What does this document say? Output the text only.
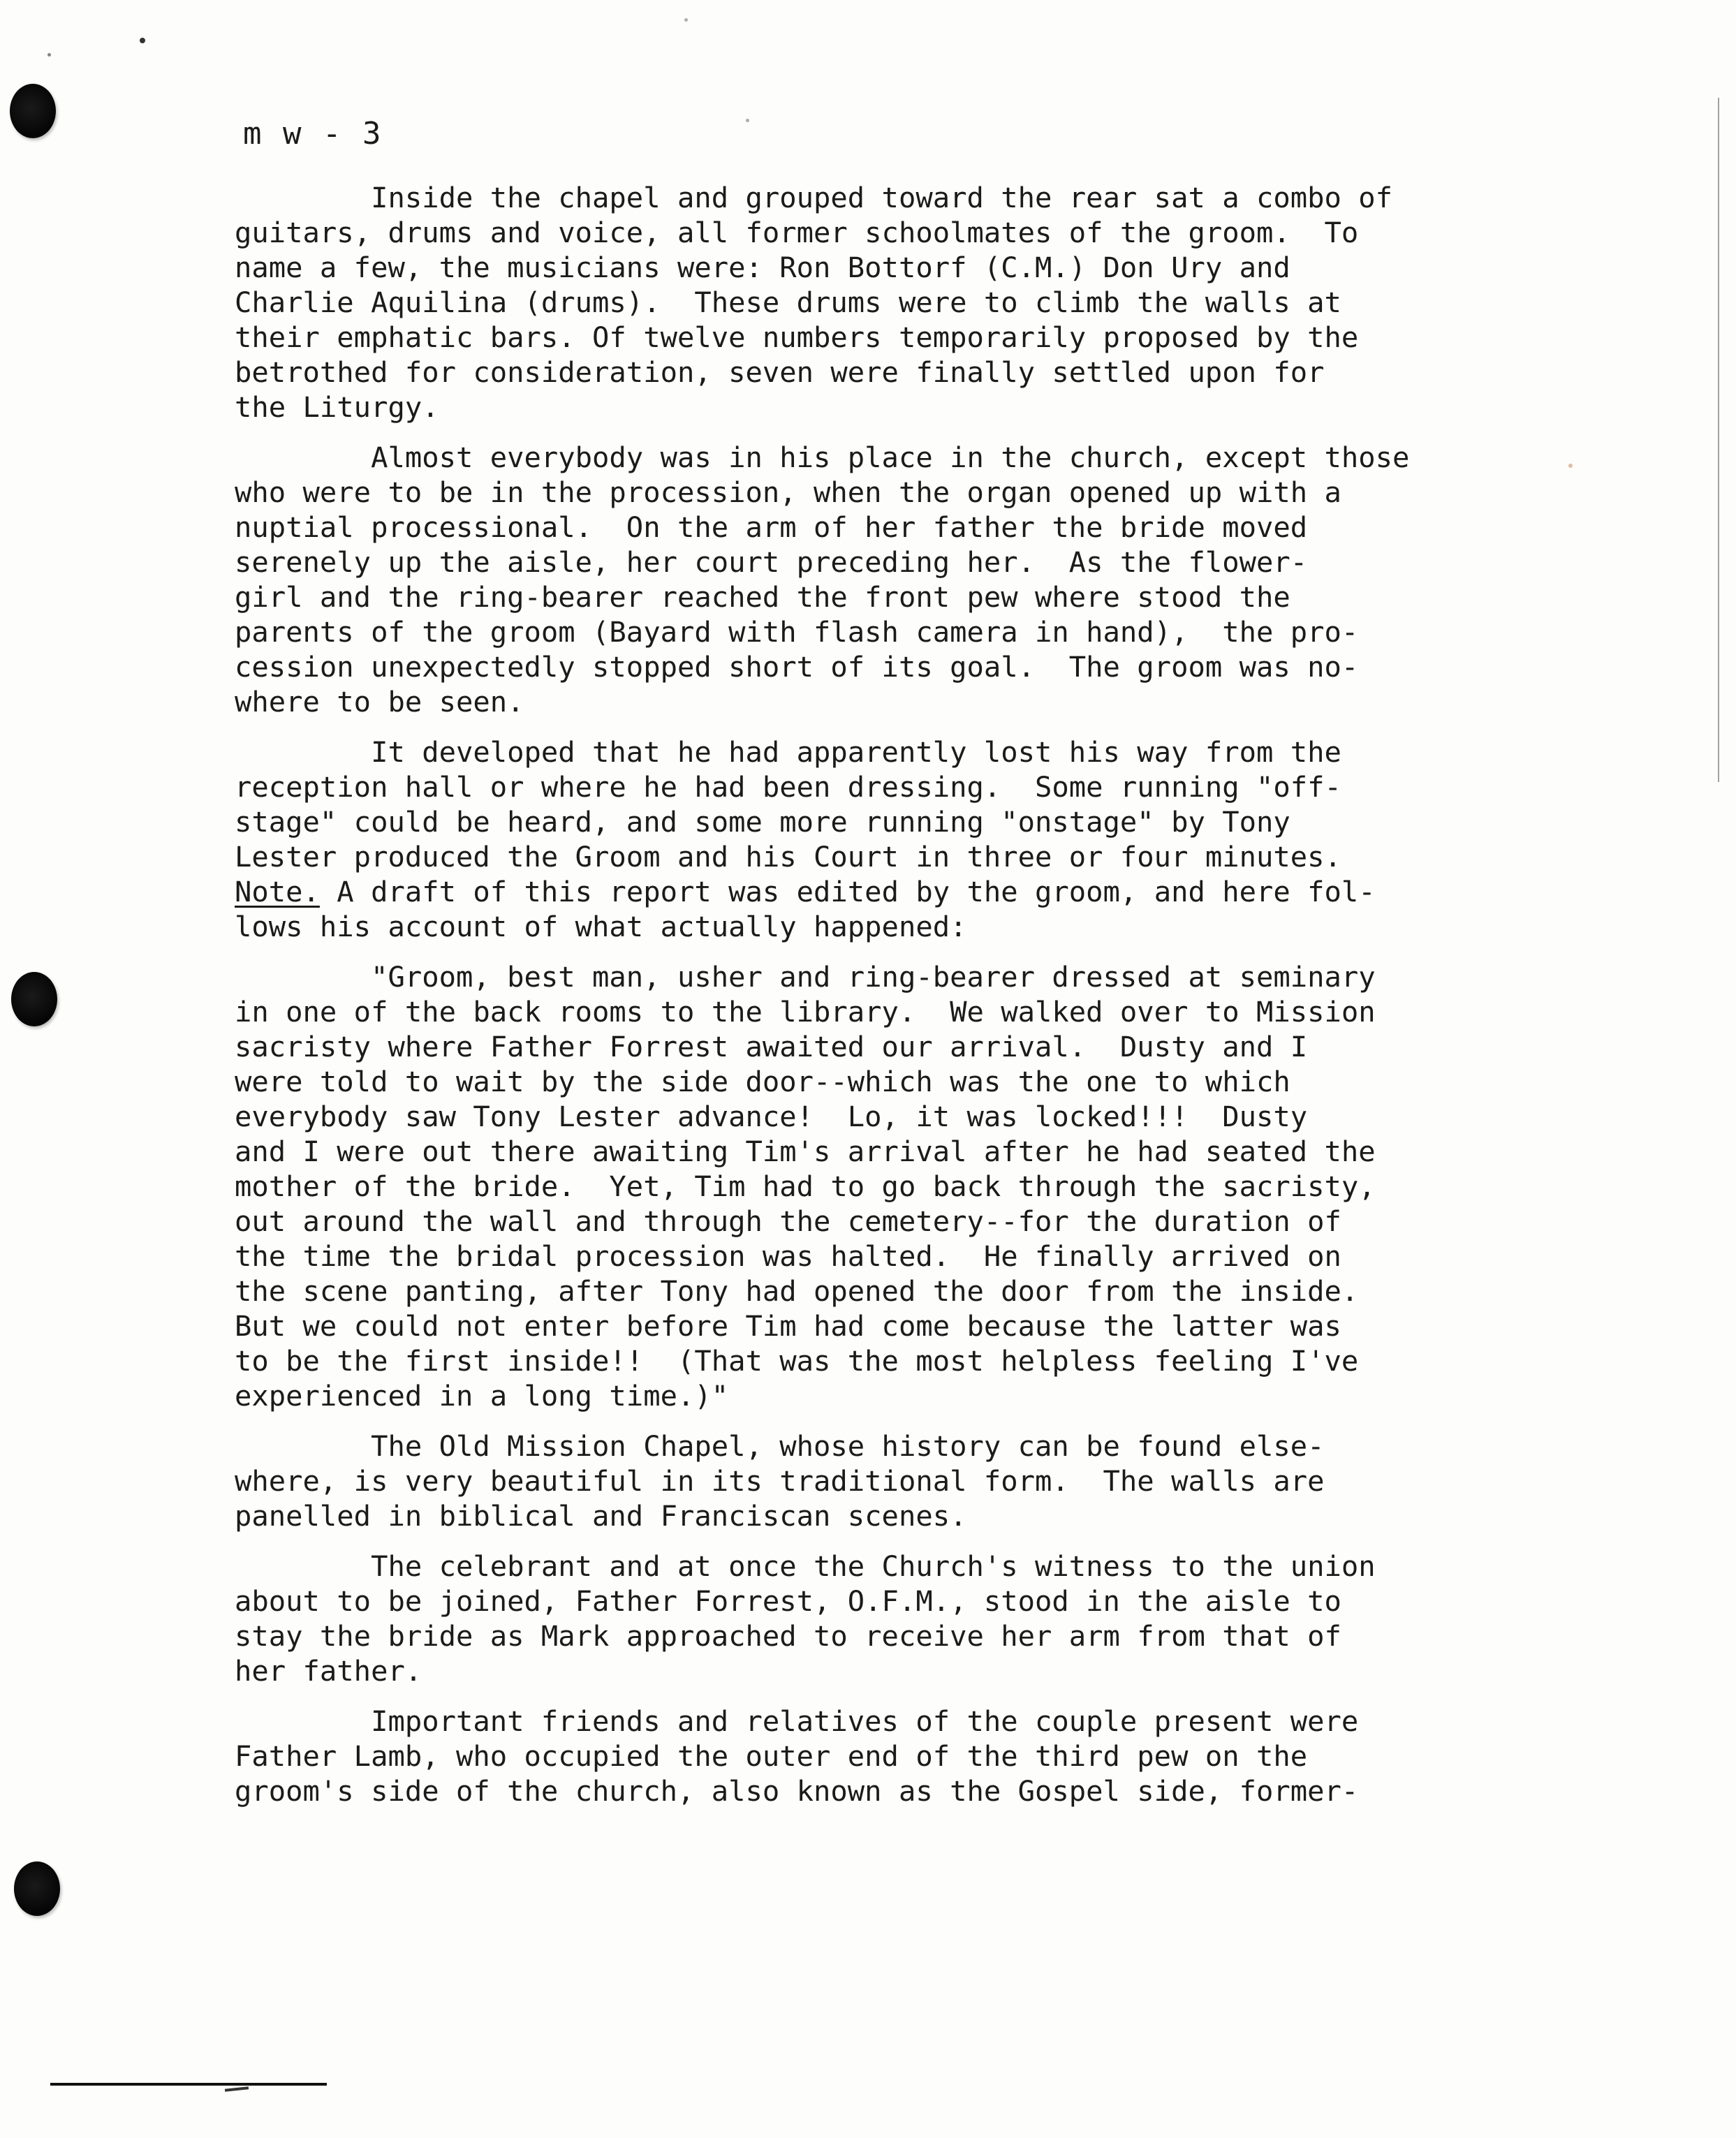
m w - 3
Inside the chapel and grouped toward the rear sat a combo of
guitars, drums and voice, all former schoolmates of the groom.  To
name a few, the musicians were: Ron Bottorf (C.M.) Don Ury and
Charlie Aquilina (drums).  These drums were to climb the walls at
their emphatic bars. Of twelve numbers temporarily proposed by the
betrothed for consideration, seven were finally settled upon for
the Liturgy.
Almost everybody was in his place in the church, except those
who were to be in the procession, when the organ opened up with a
nuptial processional.  On the arm of her father the bride moved
serenely up the aisle, her court preceding her.  As the flower-
girl and the ring-bearer reached the front pew where stood the
parents of the groom (Bayard with flash camera in hand),  the pro-
cession unexpectedly stopped short of its goal.  The groom was no-
where to be seen.
It developed that he had apparently lost his way from the
reception hall or where he had been dressing.  Some running "off-
stage" could be heard, and some more running "onstage" by Tony
Lester produced the Groom and his Court in three or four minutes.
Note. A draft of this report was edited by the groom, and here fol-
lows his account of what actually happened:
"Groom, best man, usher and ring-bearer dressed at seminary
in one of the back rooms to the library.  We walked over to Mission
sacristy where Father Forrest awaited our arrival.  Dusty and I
were told to wait by the side door--which was the one to which
everybody saw Tony Lester advance!  Lo, it was locked!!!  Dusty
and I were out there awaiting Tim's arrival after he had seated the
mother of the bride.  Yet, Tim had to go back through the sacristy,
out around the wall and through the cemetery--for the duration of
the time the bridal procession was halted.  He finally arrived on
the scene panting, after Tony had opened the door from the inside.
But we could not enter before Tim had come because the latter was
to be the first inside!!  (That was the most helpless feeling I've
experienced in a long time.)"
The Old Mission Chapel, whose history can be found else-
where, is very beautiful in its traditional form.  The walls are
panelled in biblical and Franciscan scenes.
The celebrant and at once the Church's witness to the union
about to be joined, Father Forrest, O.F.M., stood in the aisle to
stay the bride as Mark approached to receive her arm from that of
her father.
Important friends and relatives of the couple present were
Father Lamb, who occupied the outer end of the third pew on the
groom's side of the church, also known as the Gospel side, former-
